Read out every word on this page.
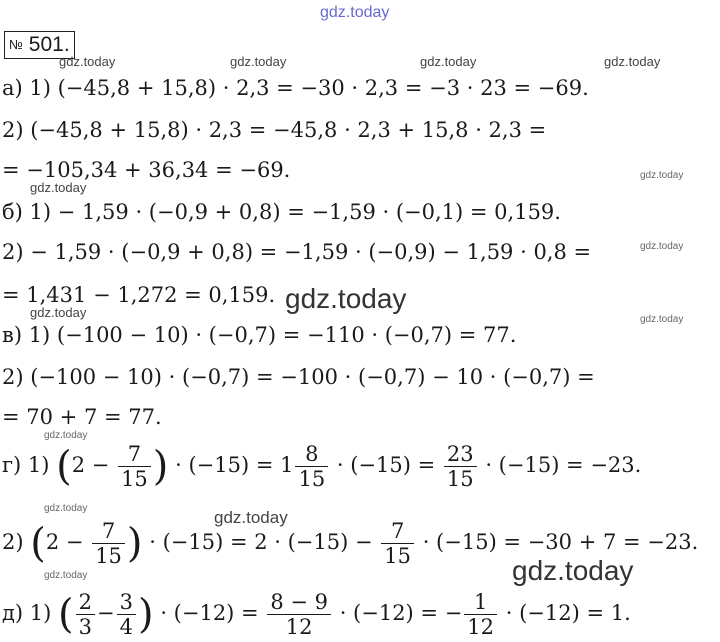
gdz.today
gdz.today	gdz.today	gdz.today	gdz.today
gdz.today
gdz.today
gdz.today
gdz.today
gdz.today	gdz.today
gdz.today
gdz.today	gdz.today
gdz.today
gdz.today
№ 501.
а) 1) (−45,8 + 15,8) · 2,3 = −30 · 2,3 = −3 · 23 = −69.
2) (−45,8 + 15,8) · 2,3 = −45,8 · 2,3 + 15,8 · 2,3 =
= −105,34 + 36,34 = −69.
б) 1) − 1,59 · (−0,9 + 0,8) = −1,59 · (−0,1) = 0,159.
2) − 1,59 · (−0,9 + 0,8) = −1,59 · (−0,9) − 1,59 · 0,8 =
= 1,431 − 1,272 = 0,159.
в) 1) (−100 − 10) · (−0,7) = −110 · (−0,7) = 77.
2) (−100 − 10) · (−0,7) = −100 · (−0,7) − 10 · (−0,7) =
= 70 + 7 = 77.
г) 1) ($2 - \frac{7}{15}$ ) · $(-15) = 1 \frac{8}{15} \cdot (-15) = \frac{23}{15} \cdot (-15) = -23$.
2) ($2 - \frac{7}{15}$ ) · $(-15) = 2 \cdot (-15) - \frac{7}{15} \cdot (-15) = -30 + 7 = -23$.
д) 1) ( $\frac{2}{3} - \frac{3}{4}$ ) · $(-12) = \frac{8 - 9}{12} \cdot (-12)$ = − $\frac{1}{12} \cdot (-12) = 1$.
